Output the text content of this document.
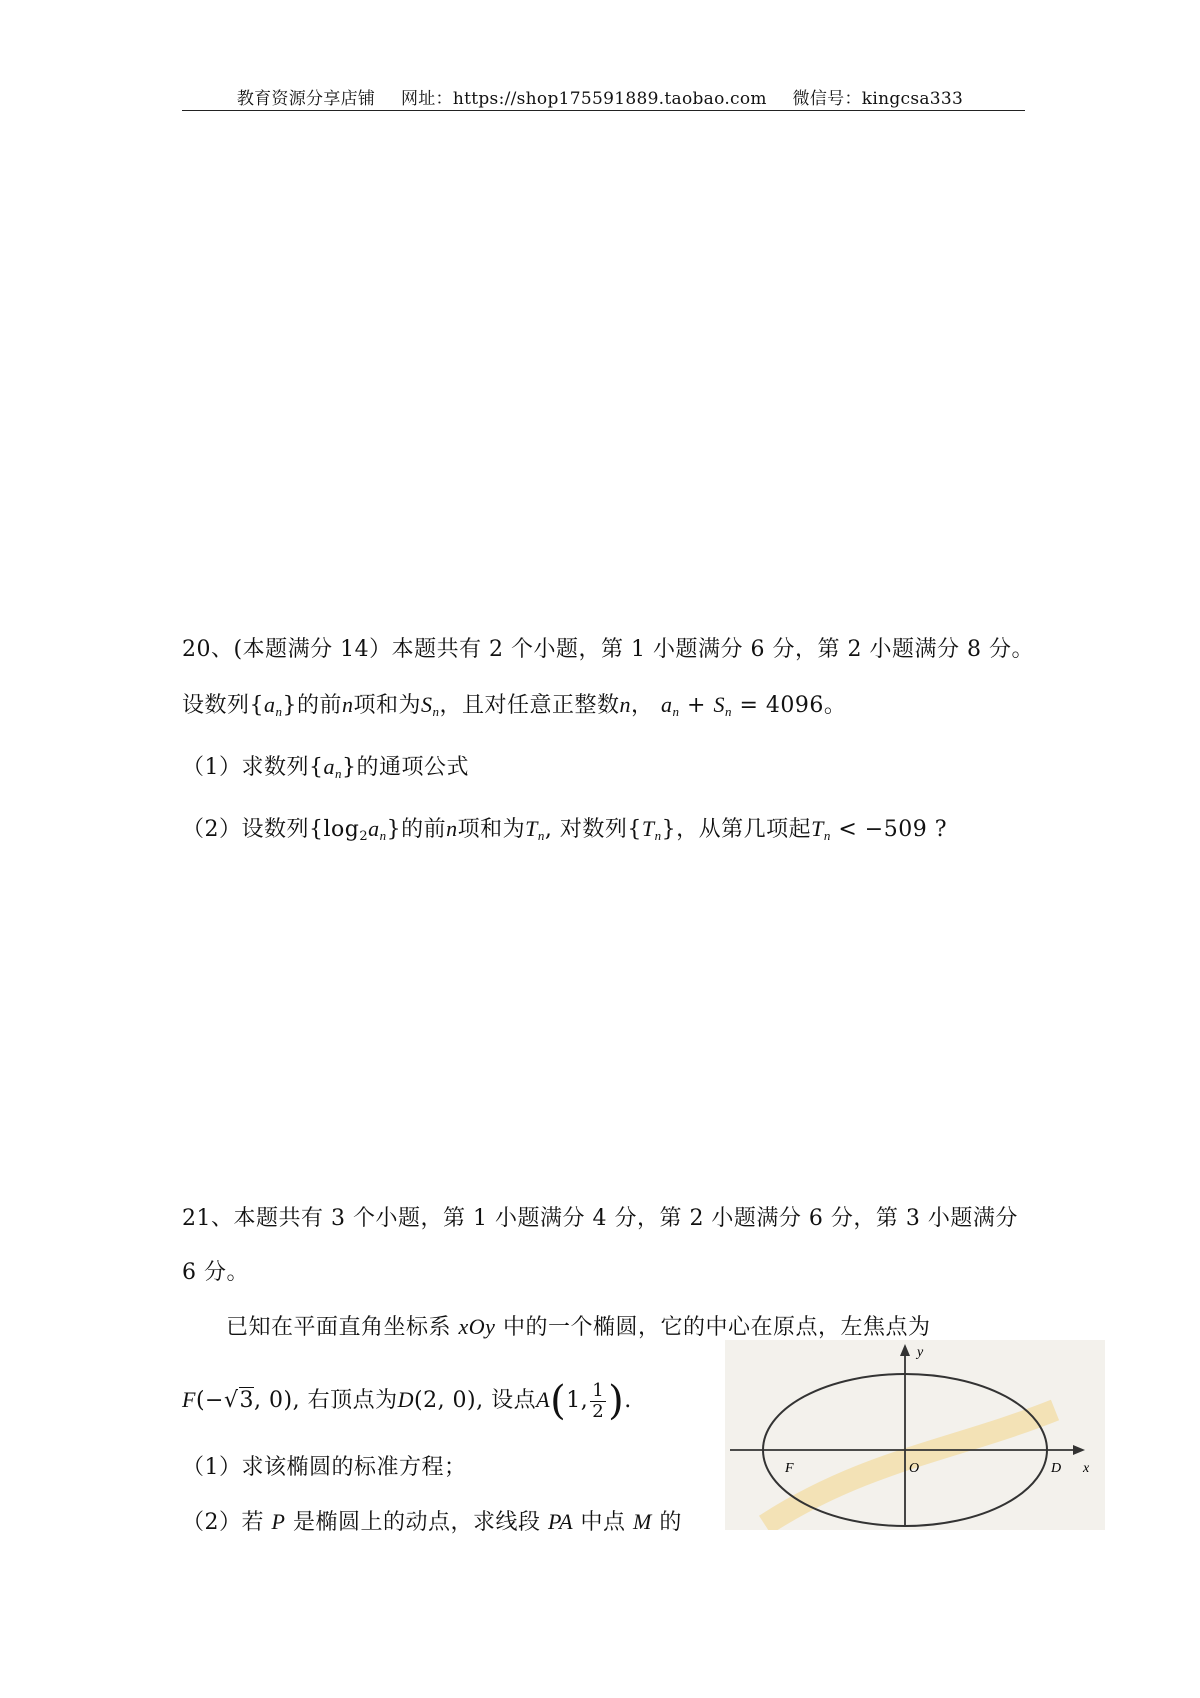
教育资源分享店铺 网址：https://shop175591889.taobao.com 微信号：kingcsa333
20、(本题满分 14）本题共有 2 个小题，第 1 小题满分 6 分，第 2 小题满分 8 分。
设数列$\{a_n\}$的前n项和为$S_n$，且对任意正整数n， $a_n + S_n = 4096$。
（1）求数列$\{a_n\}$的通项公式
（2）设数列$\{\log_2a_n\}$的前n项和为$T_n$, 对数列$\{T_n\}$，从第几项起$T_n < -509$ ?
21、本题共有 3 个小题，第 1 小题满分 4 分，第 2 小题满分 6 分，第 3 小题满分
6 分。
已知在平面直角坐标系 xOy 中的一个椭圆，它的中心在原点，左焦点为
F(−√3, 0), 右顶点为D(2, 0), 设点A(1, $\frac{1}{2}$ ).
（1）求该椭圆的标准方程；
（2）若 P 是椭圆上的动点，求线段 PA 中点 M 的
y
x
F	O	D
